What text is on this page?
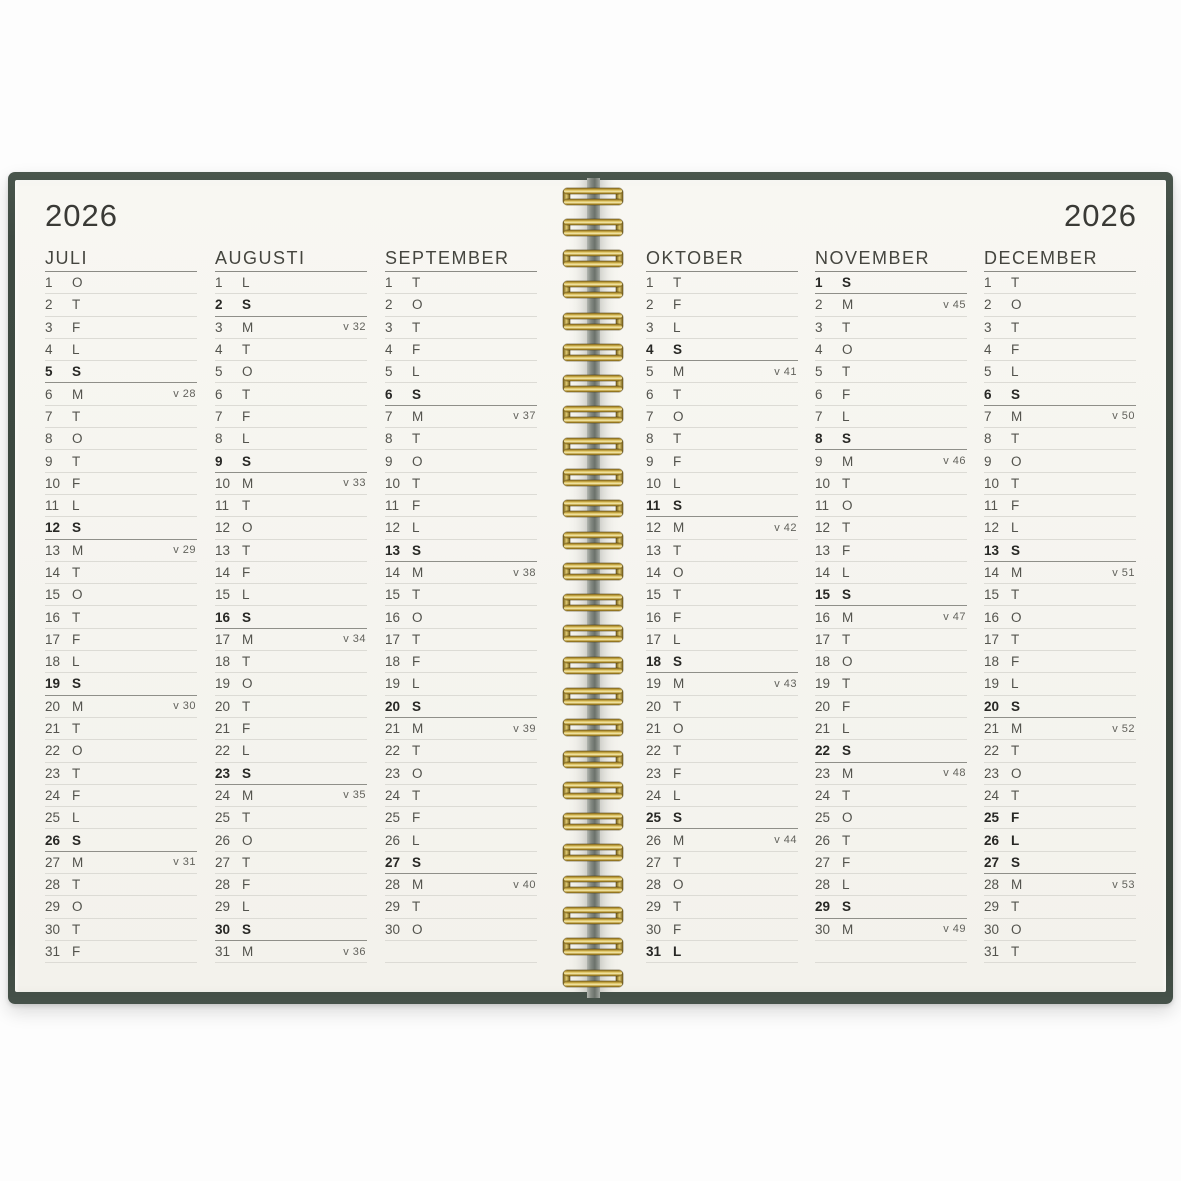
2026
JULI
1	O
2	T
3	F
4	L
5	S
6	M	v 28
7	T
8	O
9	T
10 F
11 L
12 S
13 M	v 29
14 T
15 O
16 T
17 F
18 L
19 S
20 M	v 30
21 T
22 O
23 T
24 F
25 L
26 S
27 M	v 31
28 T
29 O
30 T
31 F
AUGUSTI
1	L
2	S
3	M	v 32
4	T
5	O
6	T
7	F
8	L
9	S
10 M	v 33
11 T
12 O
13 T
14 F
15 L
16 S
17 M	v 34
18 T
19 O
20 T
21 F
22 L
23 S
24 M	v 35
25 T
26 O
27 T
28 F
29 L
30 S
31 M	v 36
SEPTEMBER
1	T
2	O
3	T
4	F
5	L
6	S
7	M	v 37
8	T
9	O
10 T
11 F
12 L
13 S
14 M	v 38
15 T
16 O
17 T
18 F
19 L
20 S
21 M	v 39
22 T
23 O
24 T
25 F
26 L
27 S
28 M	v 40
29 T
30 O
2026
OKTOBER
1	T
2	F
3	L
4	S
5	M	v 41
6	T
7	O
8	T
9	F
10 L
11 S
12 M	v 42
13 T
14 O
15 T
16 F
17 L
18 S
19 M	v 43
20 T
21 O
22 T
23 F
24 L
25 S
26 M	v 44
27 T
28 O
29 T
30 F
31 L
NOVEMBER
1	S
2	M	v 45
3	T
4	O
5	T
6	F
7	L
8	S
9	M	v 46
10 T
11 O
12 T
13 F
14 L
15 S
16 M	v 47
17 T
18 O
19 T
20 F
21 L
22 S
23 M	v 48
24 T
25 O
26 T
27 F
28 L
29 S
30 M	v 49
DECEMBER
1	T
2	O
3	T
4	F
5	L
6	S
7	M	v 50
8	T
9	O
10 T
11 F
12 L
13 S
14 M	v 51
15 T
16 O
17 T
18 F
19 L
20 S
21 M	v 52
22 T
23 O
24 T
25 F
26 L
27 S
28 M	v 53
29 T
30 O
31 T
